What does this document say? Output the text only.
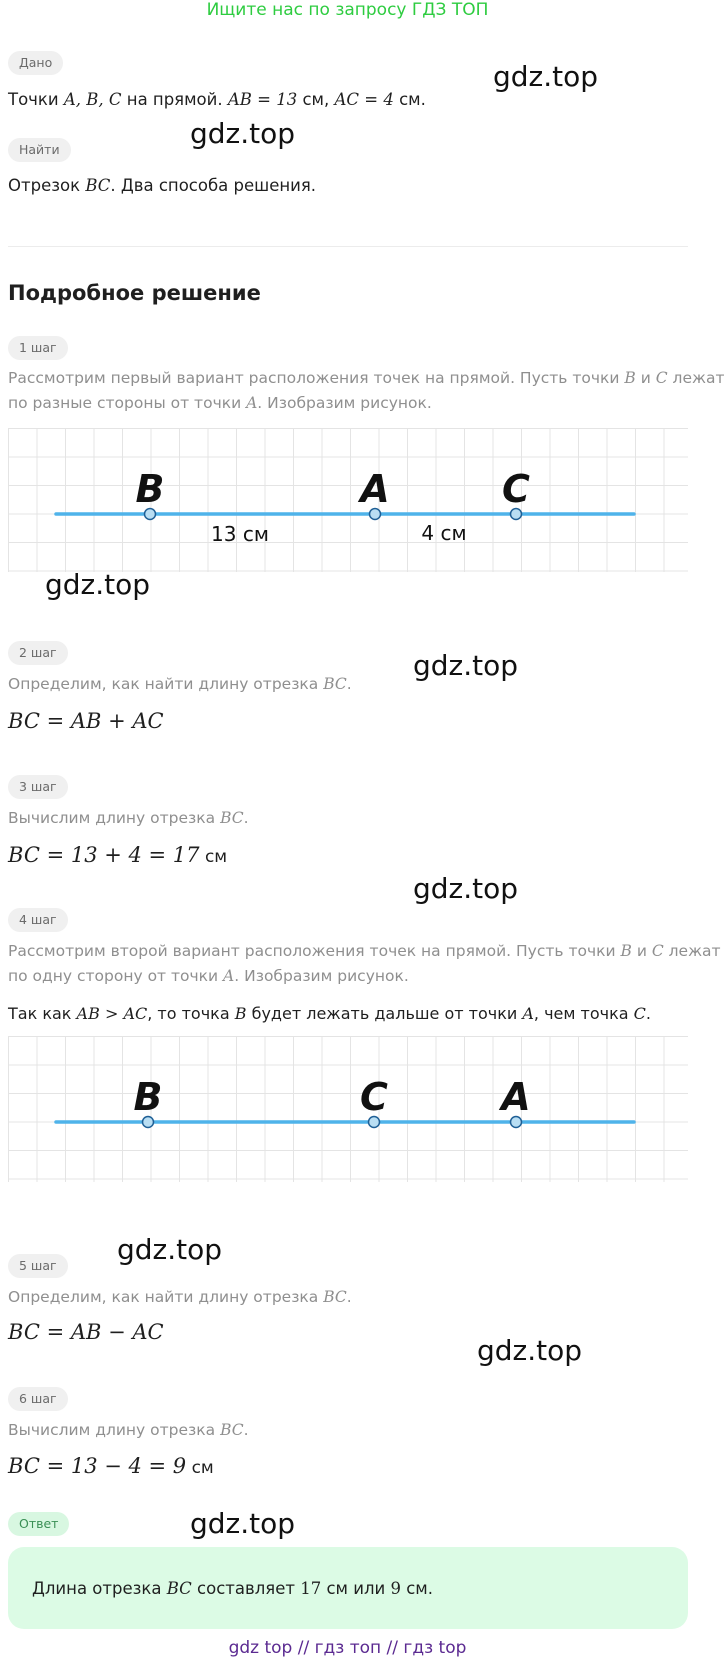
Ищите нас по запросу ГДЗ ТОП
Дано
Точки A, B, C на прямой. AB = 13 см, AC = 4 см.
Найти
Отрезок BC. Два способа решения.
Подробное решение
1 шаг
Рассмотрим первый вариант расположения точек на прямой. Пусть точки B и C лежат
по разные стороны от точки A. Изобразим рисунок.
B	A	C
13 см	4 см
2 шаг
Определим, как найти длину отрезка BC.
BC = AB + AC
3 шаг
Вычислим длину отрезка BC.
BC = 13 + 4 = 17 см
4 шаг
Рассмотрим второй вариант расположения точек на прямой. Пусть точки B и C лежат
по одну сторону от точки A. Изобразим рисунок.
Так как AB > AC, то точка B будет лежать дальше от точки A, чем точка C.
B	C	A
5 шаг
Определим, как найти длину отрезка BC.
BC = AB − AC
6 шаг
Вычислим длину отрезка BC.
BC = 13 − 4 = 9 см
Ответ
Длина отрезка BC составляет 17 см или 9 см.
gdz.top
gdz.top
gdz.top
gdz.top
gdz.top
gdz.top
gdz.top
gdz.top
gdz top // гдз топ // гдз top
